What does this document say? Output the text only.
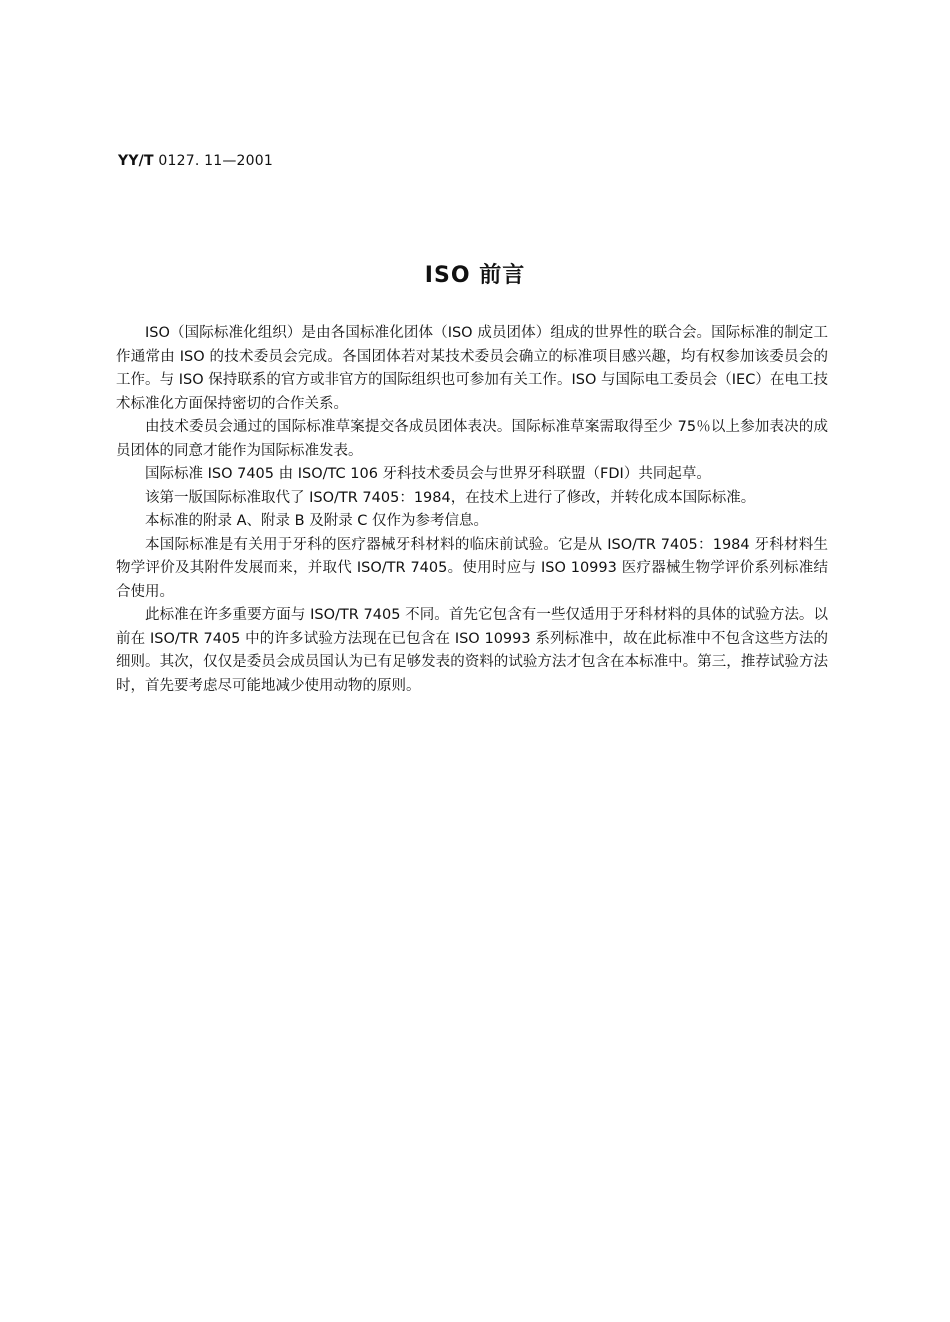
YY/T 0127. 11—2001
ISO 前言

ISO（国际标准化组织）是由各国标准化团体（ISO 成员团体）组成的世界性的联合会。国际标准的制定工作通常由 ISO 的技术委员会完成。各国团体若对某技术委员会确立的标准项目感兴趣，均有权参加该委员会的工作。与 ISO 保持联系的官方或非官方的国际组织也可参加有关工作。ISO 与国际电工委员会（IEC）在电工技术标准化方面保持密切的合作关系。

由技术委员会通过的国际标准草案提交各成员团体表决。国际标准草案需取得至少 75％以上参加表决的成员团体的同意才能作为国际标准发表。

国际标准 ISO 7405 由 ISO/TC 106 牙科技术委员会与世界牙科联盟（FDI）共同起草。

该第一版国际标准取代了 ISO/TR 7405：1984，在技术上进行了修改，并转化成本国际标准。

本标准的附录 A、附录 B 及附录 C 仅作为参考信息。

本国际标准是有关用于牙科的医疗器械牙科材料的临床前试验。它是从 ISO/TR 7405：1984 牙科材料生物学评价及其附件发展而来，并取代 ISO/TR 7405。使用时应与 ISO 10993 医疗器械生物学评价系列标准结合使用。

此标准在许多重要方面与 ISO/TR 7405 不同。首先它包含有一些仅适用于牙科材料的具体的试验方法。以前在 ISO/TR 7405 中的许多试验方法现在已包含在 ISO 10993 系列标准中，故在此标准中不包含这些方法的细则。其次，仅仅是委员会成员国认为已有足够发表的资料的试验方法才包含在本标准中。第三，推荐试验方法时，首先要考虑尽可能地减少使用动物的原则。
